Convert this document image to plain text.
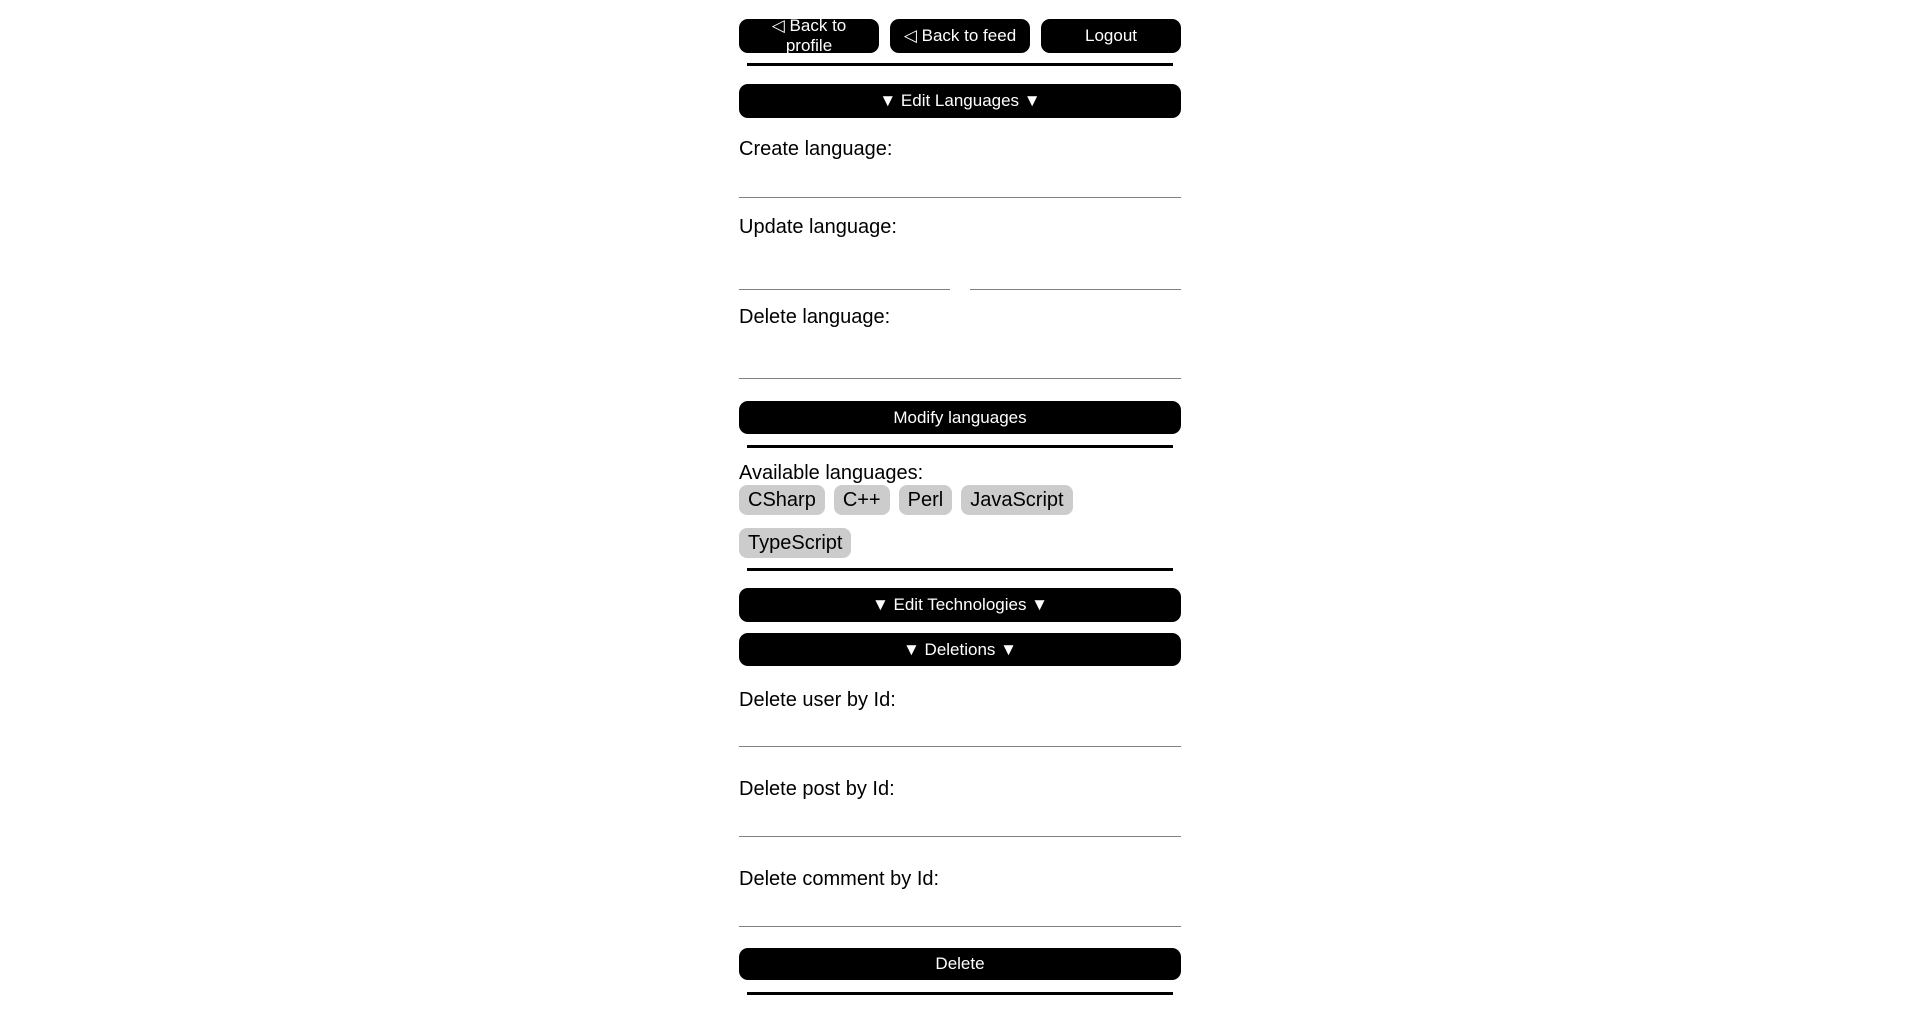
◁ Back to profile
◁ Back to feed	Logout
▼ Edit Languages ▼
Create language:
Update language:
Delete language:
Modify languages
Available languages:
CSharp	C++	Perl	JavaScript
TypeScript
▼ Edit Technologies ▼ ▼ Deletions ▼
Delete user by Id:
Delete post by Id:
Delete comment by Id:
Delete
